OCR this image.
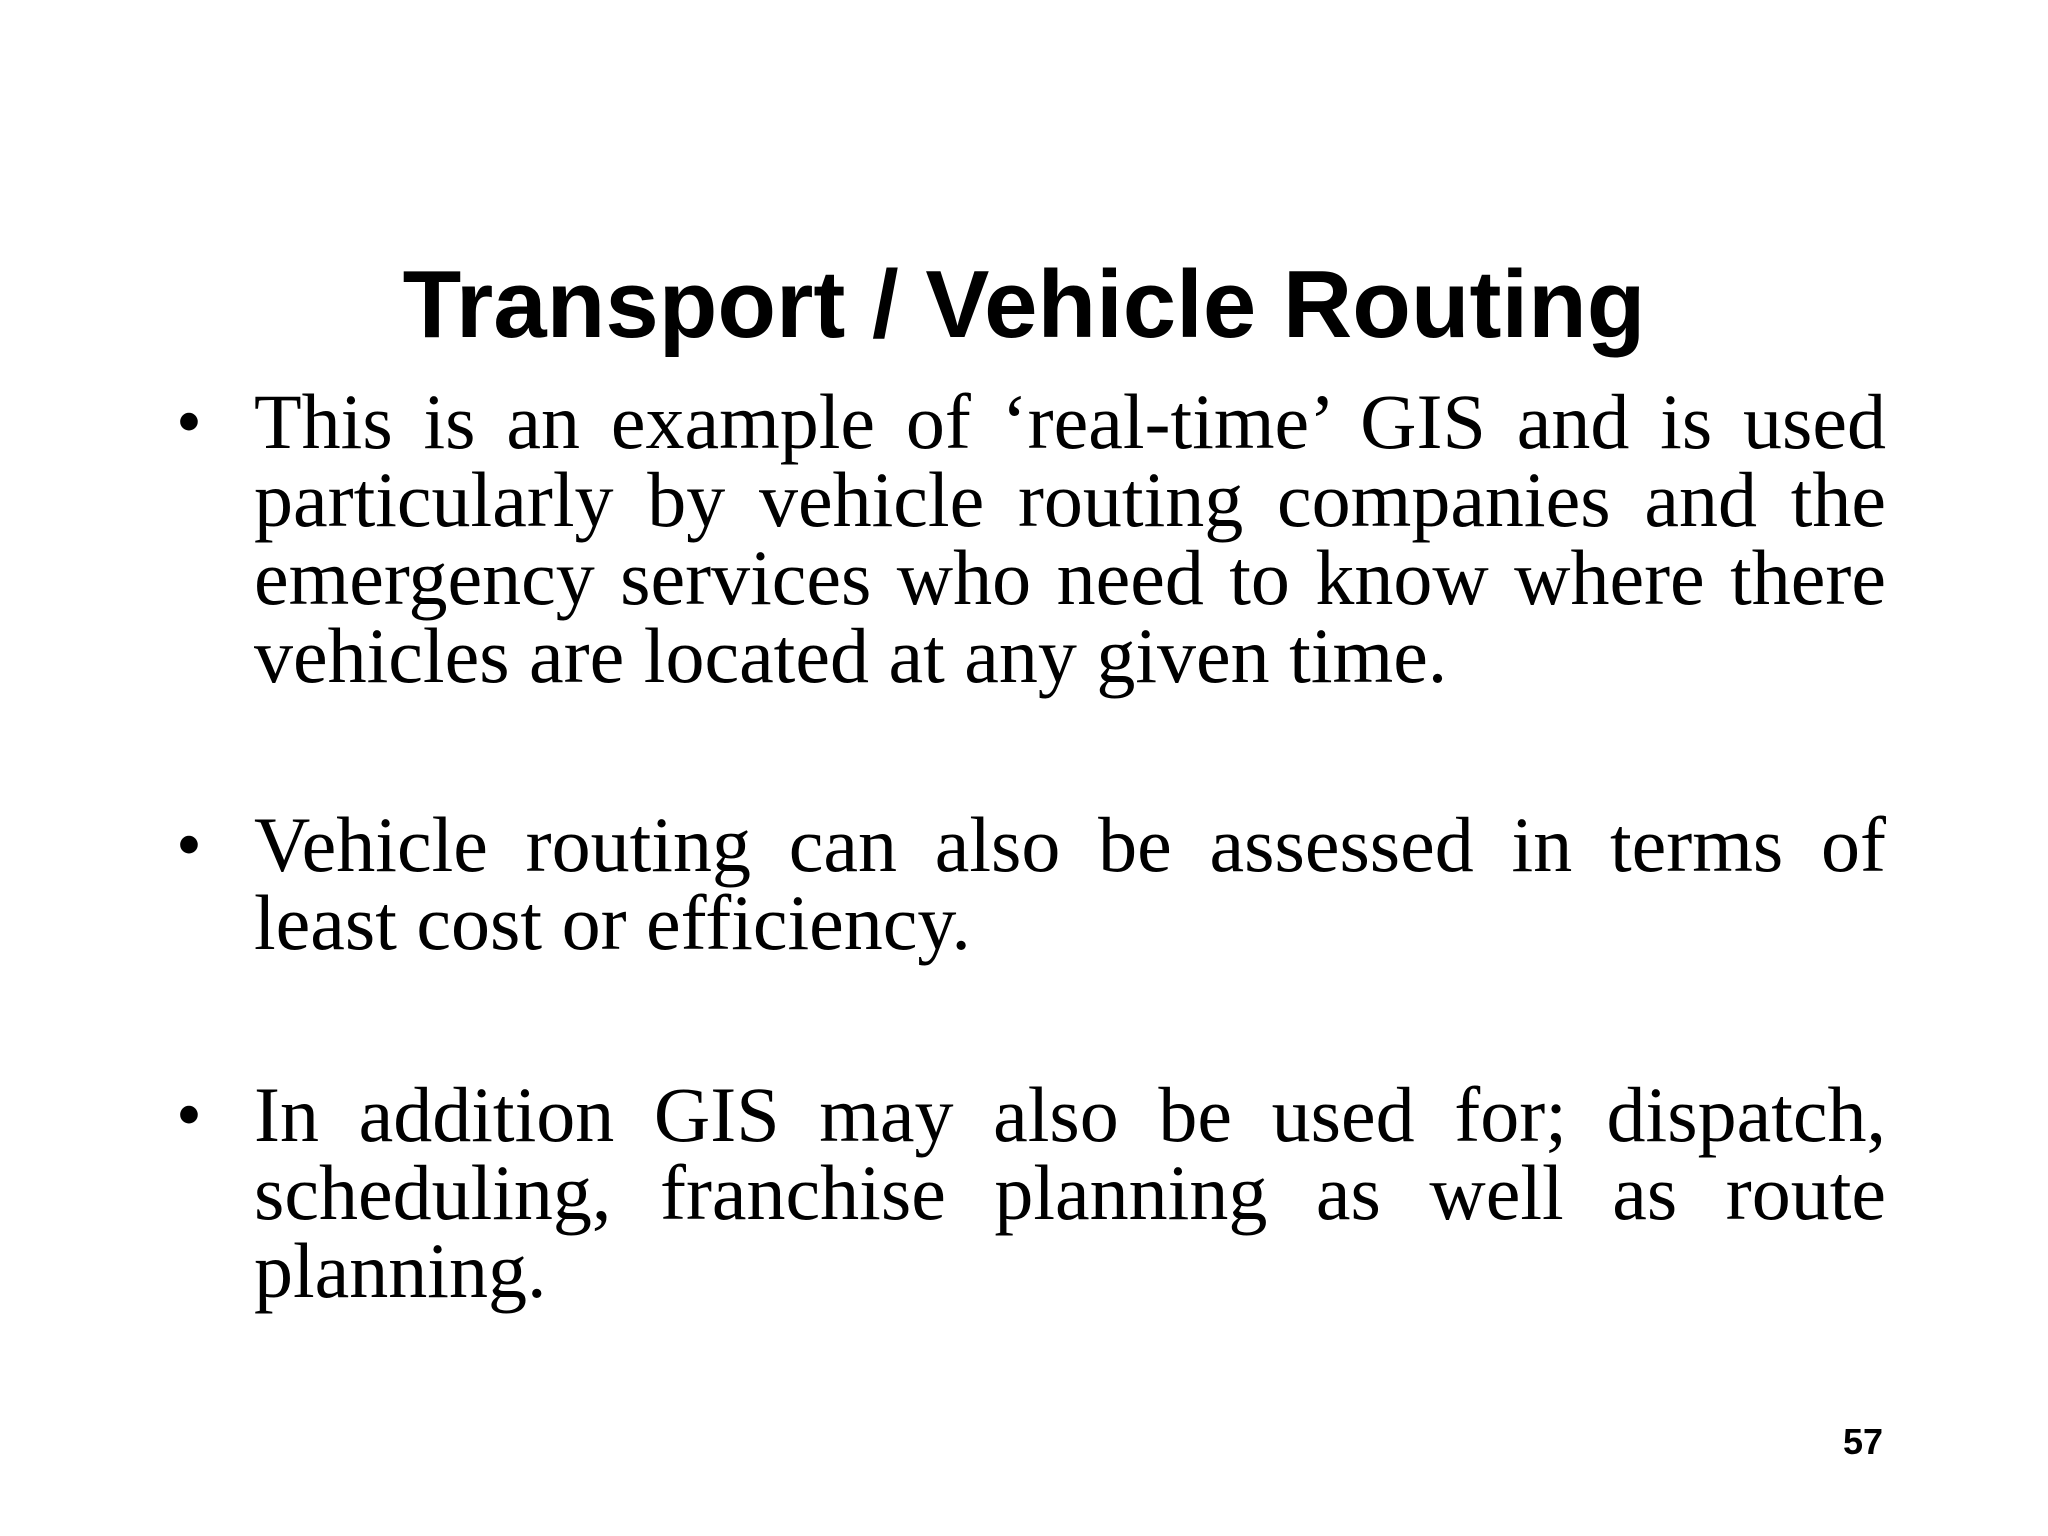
Transport / Vehicle Routing
• This is an example of ‘real-time’ GIS and is used particularly by vehicle routing companies and the emergency services who need to know where there vehicles are located at any given time.
• Vehicle routing can also be assessed in terms of least cost or efficiency.
• In addition GIS may also be used for; dispatch, scheduling, franchise planning as well as route planning.
57
